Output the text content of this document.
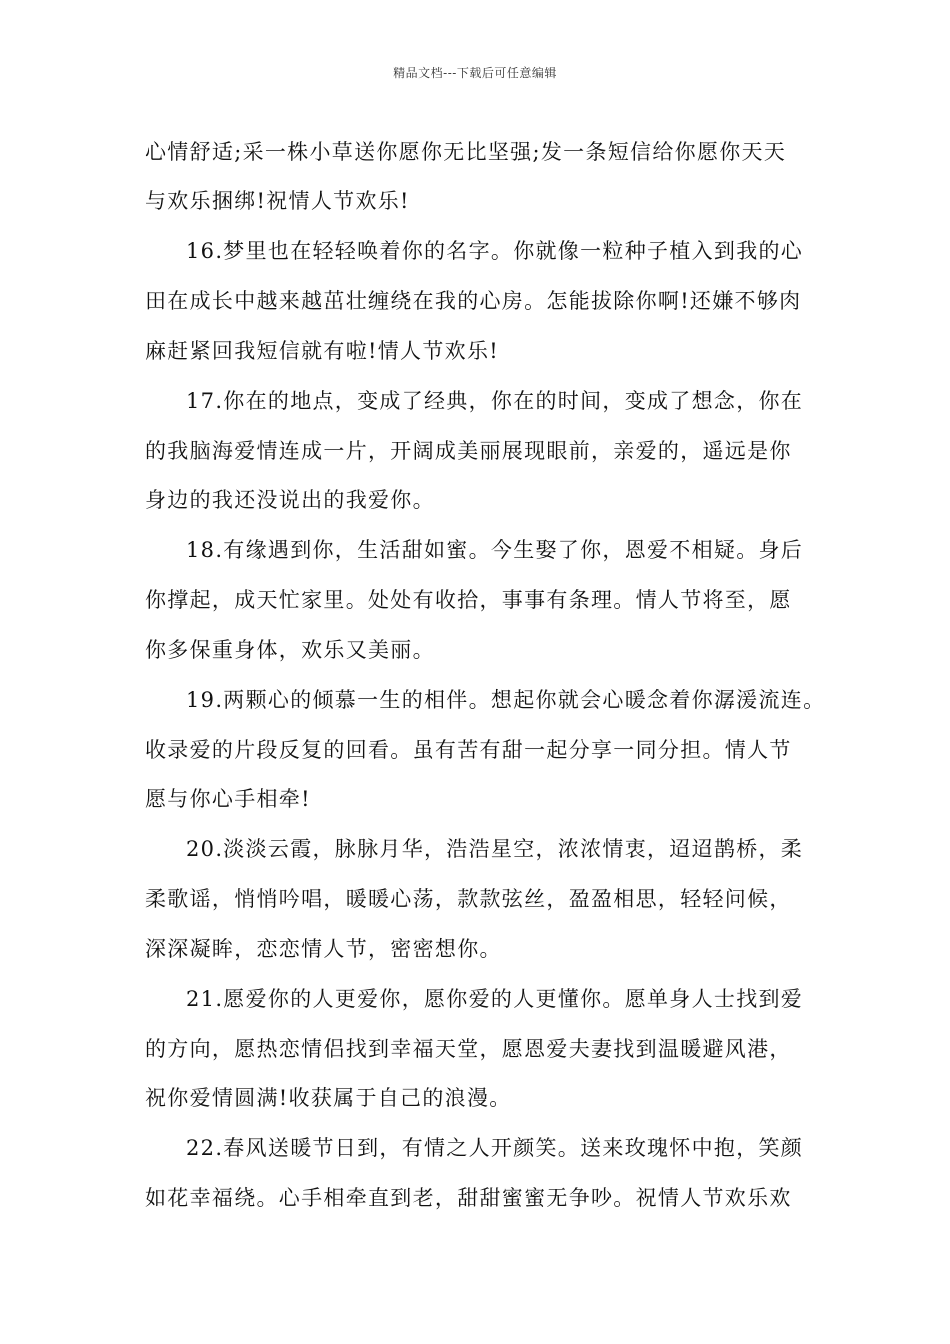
精品文档---下载后可任意编辑
心情舒适;采一株小草送你愿你无比坚强;发一条短信给你愿你天天
与欢乐捆绑!祝情人节欢乐!
16.梦里也在轻轻唤着你的名字。你就像一粒种子植入到我的心
田在成长中越来越茁壮缠绕在我的心房。怎能拔除你啊!还嫌不够肉
麻赶紧回我短信就有啦!情人节欢乐!
17.你在的地点，变成了经典，你在的时间，变成了想念，你在
的我脑海爱情连成一片，开阔成美丽展现眼前，亲爱的，遥远是你
身边的我还没说出的我爱你。
18.有缘遇到你，生活甜如蜜。今生娶了你，恩爱不相疑。身后
你撑起，成天忙家里。处处有收拾，事事有条理。情人节将至，愿
你多保重身体，欢乐又美丽。
19.两颗心的倾慕一生的相伴。想起你就会心暖念着你潺湲流连。
收录爱的片段反复的回看。虽有苦有甜一起分享一同分担。情人节
愿与你心手相牵!
20.淡淡云霞，脉脉月华，浩浩星空，浓浓情衷，迢迢鹊桥，柔
柔歌谣，悄悄吟唱，暖暖心荡，款款弦丝，盈盈相思，轻轻问候，
深深凝眸，恋恋情人节，密密想你。
21.愿爱你的人更爱你，愿你爱的人更懂你。愿单身人士找到爱
的方向，愿热恋情侣找到幸福天堂，愿恩爱夫妻找到温暖避风港，
祝你爱情圆满!收获属于自己的浪漫。
22.春风送暖节日到，有情之人开颜笑。送来玫瑰怀中抱，笑颜
如花幸福绕。心手相牵直到老，甜甜蜜蜜无争吵。祝情人节欢乐欢
